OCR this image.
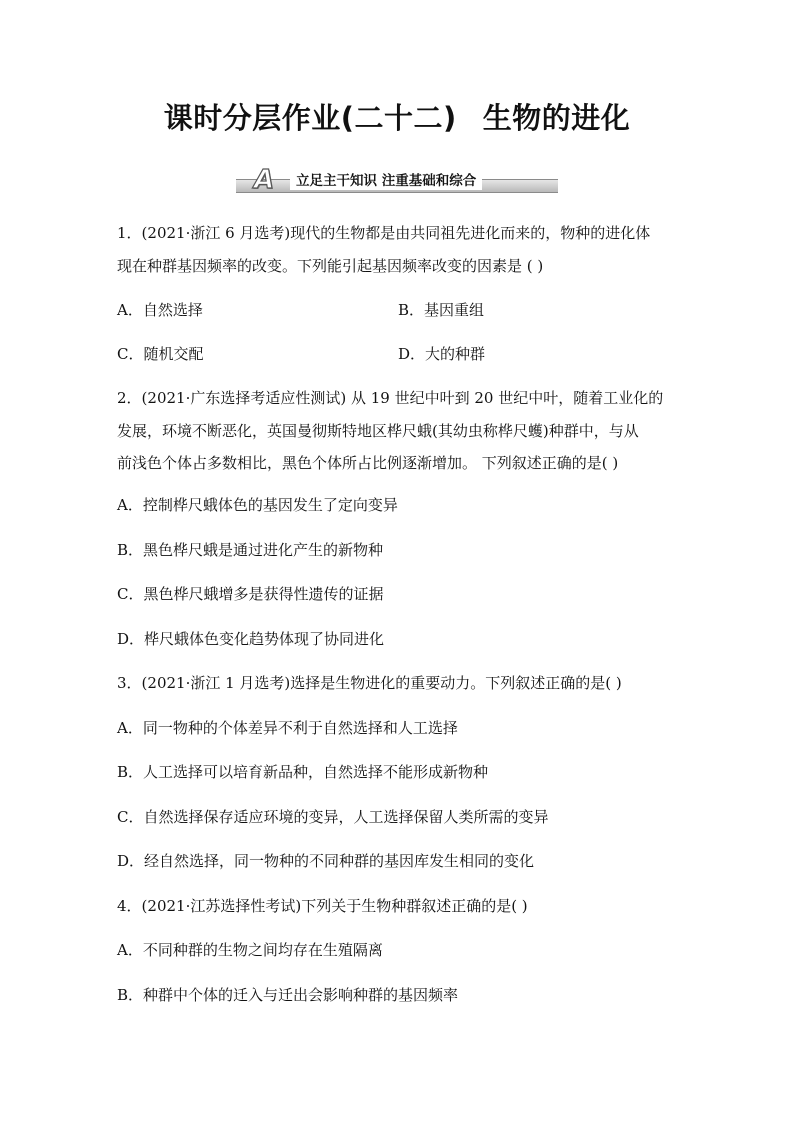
课时分层作业(二十二) 生物的进化
A	立足主干知识 注重基础和综合
1．(2021·浙江 6 月选考)现代的生物都是由共同祖先进化而来的，物种的进化体
现在种群基因频率的改变。下列能引起基因频率改变的因素是 ( )
A．自然选择	B．基因重组
C．随机交配	D．大的种群
2．(2021·广东选择考适应性测试) 从 19 世纪中叶到 20 世纪中叶，随着工业化的
发展，环境不断恶化，英国曼彻斯特地区桦尺蛾(其幼虫称桦尺蠖)种群中，与从
前浅色个体占多数相比，黑色个体所占比例逐渐增加。 下列叙述正确的是( )
A．控制桦尺蛾体色的基因发生了定向变异
B．黑色桦尺蛾是通过进化产生的新物种
C．黑色桦尺蛾增多是获得性遗传的证据
D．桦尺蛾体色变化趋势体现了协同进化
3．(2021·浙江 1 月选考)选择是生物进化的重要动力。下列叙述正确的是( )
A．同一物种的个体差异不利于自然选择和人工选择
B．人工选择可以培育新品种，自然选择不能形成新物种
C．自然选择保存适应环境的变异，人工选择保留人类所需的变异
D．经自然选择，同一物种的不同种群的基因库发生相同的变化
4．(2021·江苏选择性考试)下列关于生物种群叙述正确的是( )
A．不同种群的生物之间均存在生殖隔离
B．种群中个体的迁入与迁出会影响种群的基因频率
